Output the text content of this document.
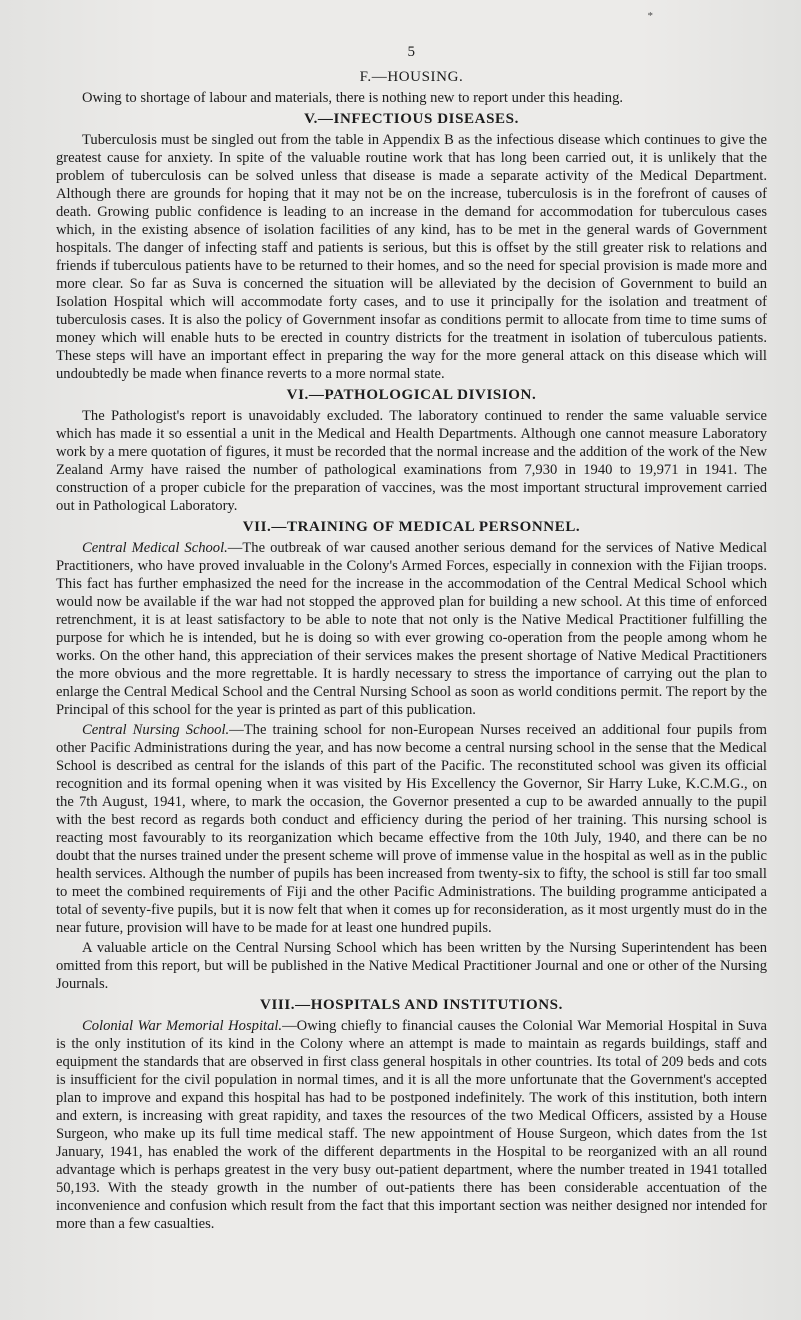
*
5
F.—HOUSING.

Owing to shortage of labour and materials, there is nothing new to report under this heading.

V.—INFECTIOUS DISEASES.

Tuberculosis must be singled out from the table in Appendix B as the infectious disease which continues to give the greatest cause for anxiety. In spite of the valuable routine work that has long been carried out, it is unlikely that the problem of tuberculosis can be solved unless that disease is made a separate activity of the Medical Department. Although there are grounds for hoping that it may not be on the increase, tuberculosis is in the forefront of causes of death. Growing public confidence is leading to an increase in the demand for accommodation for tuberculous cases which, in the existing absence of isolation facilities of any kind, has to be met in the general wards of Government hospitals. The danger of infecting staff and patients is serious, but this is offset by the still greater risk to relations and friends if tuberculous patients have to be returned to their homes, and so the need for special provision is made more and more clear. So far as Suva is concerned the situation will be alleviated by the decision of Government to build an Isolation Hospital which will accommodate forty cases, and to use it principally for the isolation and treatment of tuberculosis cases. It is also the policy of Government insofar as conditions permit to allocate from time to time sums of money which will enable huts to be erected in country districts for the treatment in isolation of tuberculous patients. These steps will have an important effect in preparing the way for the more general attack on this disease which will undoubtedly be made when finance reverts to a more normal state.

VI.—PATHOLOGICAL DIVISION.

The Pathologist's report is unavoidably excluded. The laboratory continued to render the same valuable service which has made it so essential a unit in the Medical and Health Departments. Although one cannot measure Laboratory work by a mere quotation of figures, it must be recorded that the normal increase and the addition of the work of the New Zealand Army have raised the number of pathological examinations from 7,930 in 1940 to 19,971 in 1941. The construction of a proper cubicle for the preparation of vaccines, was the most important structural improvement carried out in Pathological Laboratory.

VII.—TRAINING OF MEDICAL PERSONNEL.

Central Medical School.—The outbreak of war caused another serious demand for the services of Native Medical Practitioners, who have proved invaluable in the Colony's Armed Forces, especially in connexion with the Fijian troops. This fact has further emphasized the need for the increase in the accommodation of the Central Medical School which would now be available if the war had not stopped the approved plan for building a new school. At this time of enforced retrenchment, it is at least satisfactory to be able to note that not only is the Native Medical Practitioner fulfilling the purpose for which he is intended, but he is doing so with ever growing co-operation from the people among whom he works. On the other hand, this appreciation of their services makes the present shortage of Native Medical Practitioners the more obvious and the more regrettable. It is hardly necessary to stress the importance of carrying out the plan to enlarge the Central Medical School and the Central Nursing School as soon as world conditions permit. The report by the Principal of this school for the year is printed as part of this publication.

Central Nursing School.—The training school for non-European Nurses received an additional four pupils from other Pacific Administrations during the year, and has now become a central nursing school in the sense that the Medical School is described as central for the islands of this part of the Pacific. The reconstituted school was given its official recognition and its formal opening when it was visited by His Excellency the Governor, Sir Harry Luke, K.C.M.G., on the 7th August, 1941, where, to mark the occasion, the Governor presented a cup to be awarded annually to the pupil with the best record as regards both conduct and efficiency during the period of her training. This nursing school is reacting most favourably to its reorganization which became effective from the 10th July, 1940, and there can be no doubt that the nurses trained under the present scheme will prove of immense value in the hospital as well as in the public health services. Although the number of pupils has been increased from twenty-six to fifty, the school is still far too small to meet the combined requirements of Fiji and the other Pacific Administrations. The building programme anticipated a total of seventy-five pupils, but it is now felt that when it comes up for reconsideration, as it most urgently must do in the near future, provision will have to be made for at least one hundred pupils.

A valuable article on the Central Nursing School which has been written by the Nursing Superintendent has been omitted from this report, but will be published in the Native Medical Practitioner Journal and one or other of the Nursing Journals.

VIII.—HOSPITALS AND INSTITUTIONS.

Colonial War Memorial Hospital.—Owing chiefly to financial causes the Colonial War Memorial Hospital in Suva is the only institution of its kind in the Colony where an attempt is made to maintain as regards buildings, staff and equipment the standards that are observed in first class general hospitals in other countries. Its total of 209 beds and cots is insufficient for the civil population in normal times, and it is all the more unfortunate that the Government's accepted plan to improve and expand this hospital has had to be postponed indefinitely. The work of this institution, both intern and extern, is increasing with great rapidity, and taxes the resources of the two Medical Officers, assisted by a House Surgeon, who make up its full time medical staff. The new appointment of House Surgeon, which dates from the 1st January, 1941, has enabled the work of the different departments in the Hospital to be reorganized with an all round advantage which is perhaps greatest in the very busy out-patient department, where the number treated in 1941 totalled 50,193. With the steady growth in the number of out-patients there has been considerable accentuation of the inconvenience and confusion which result from the fact that this important section was neither designed nor intended for more than a few casualties.
